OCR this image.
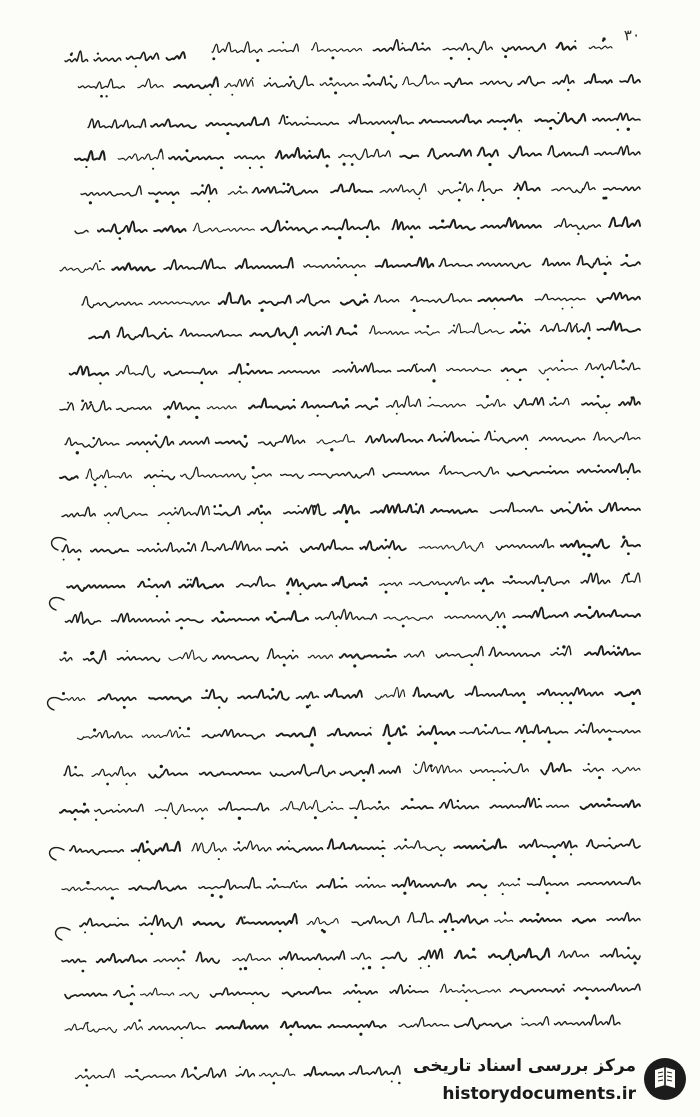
۳۰
مرکز بررسی اسناد تاریخی
historydocuments.ir
